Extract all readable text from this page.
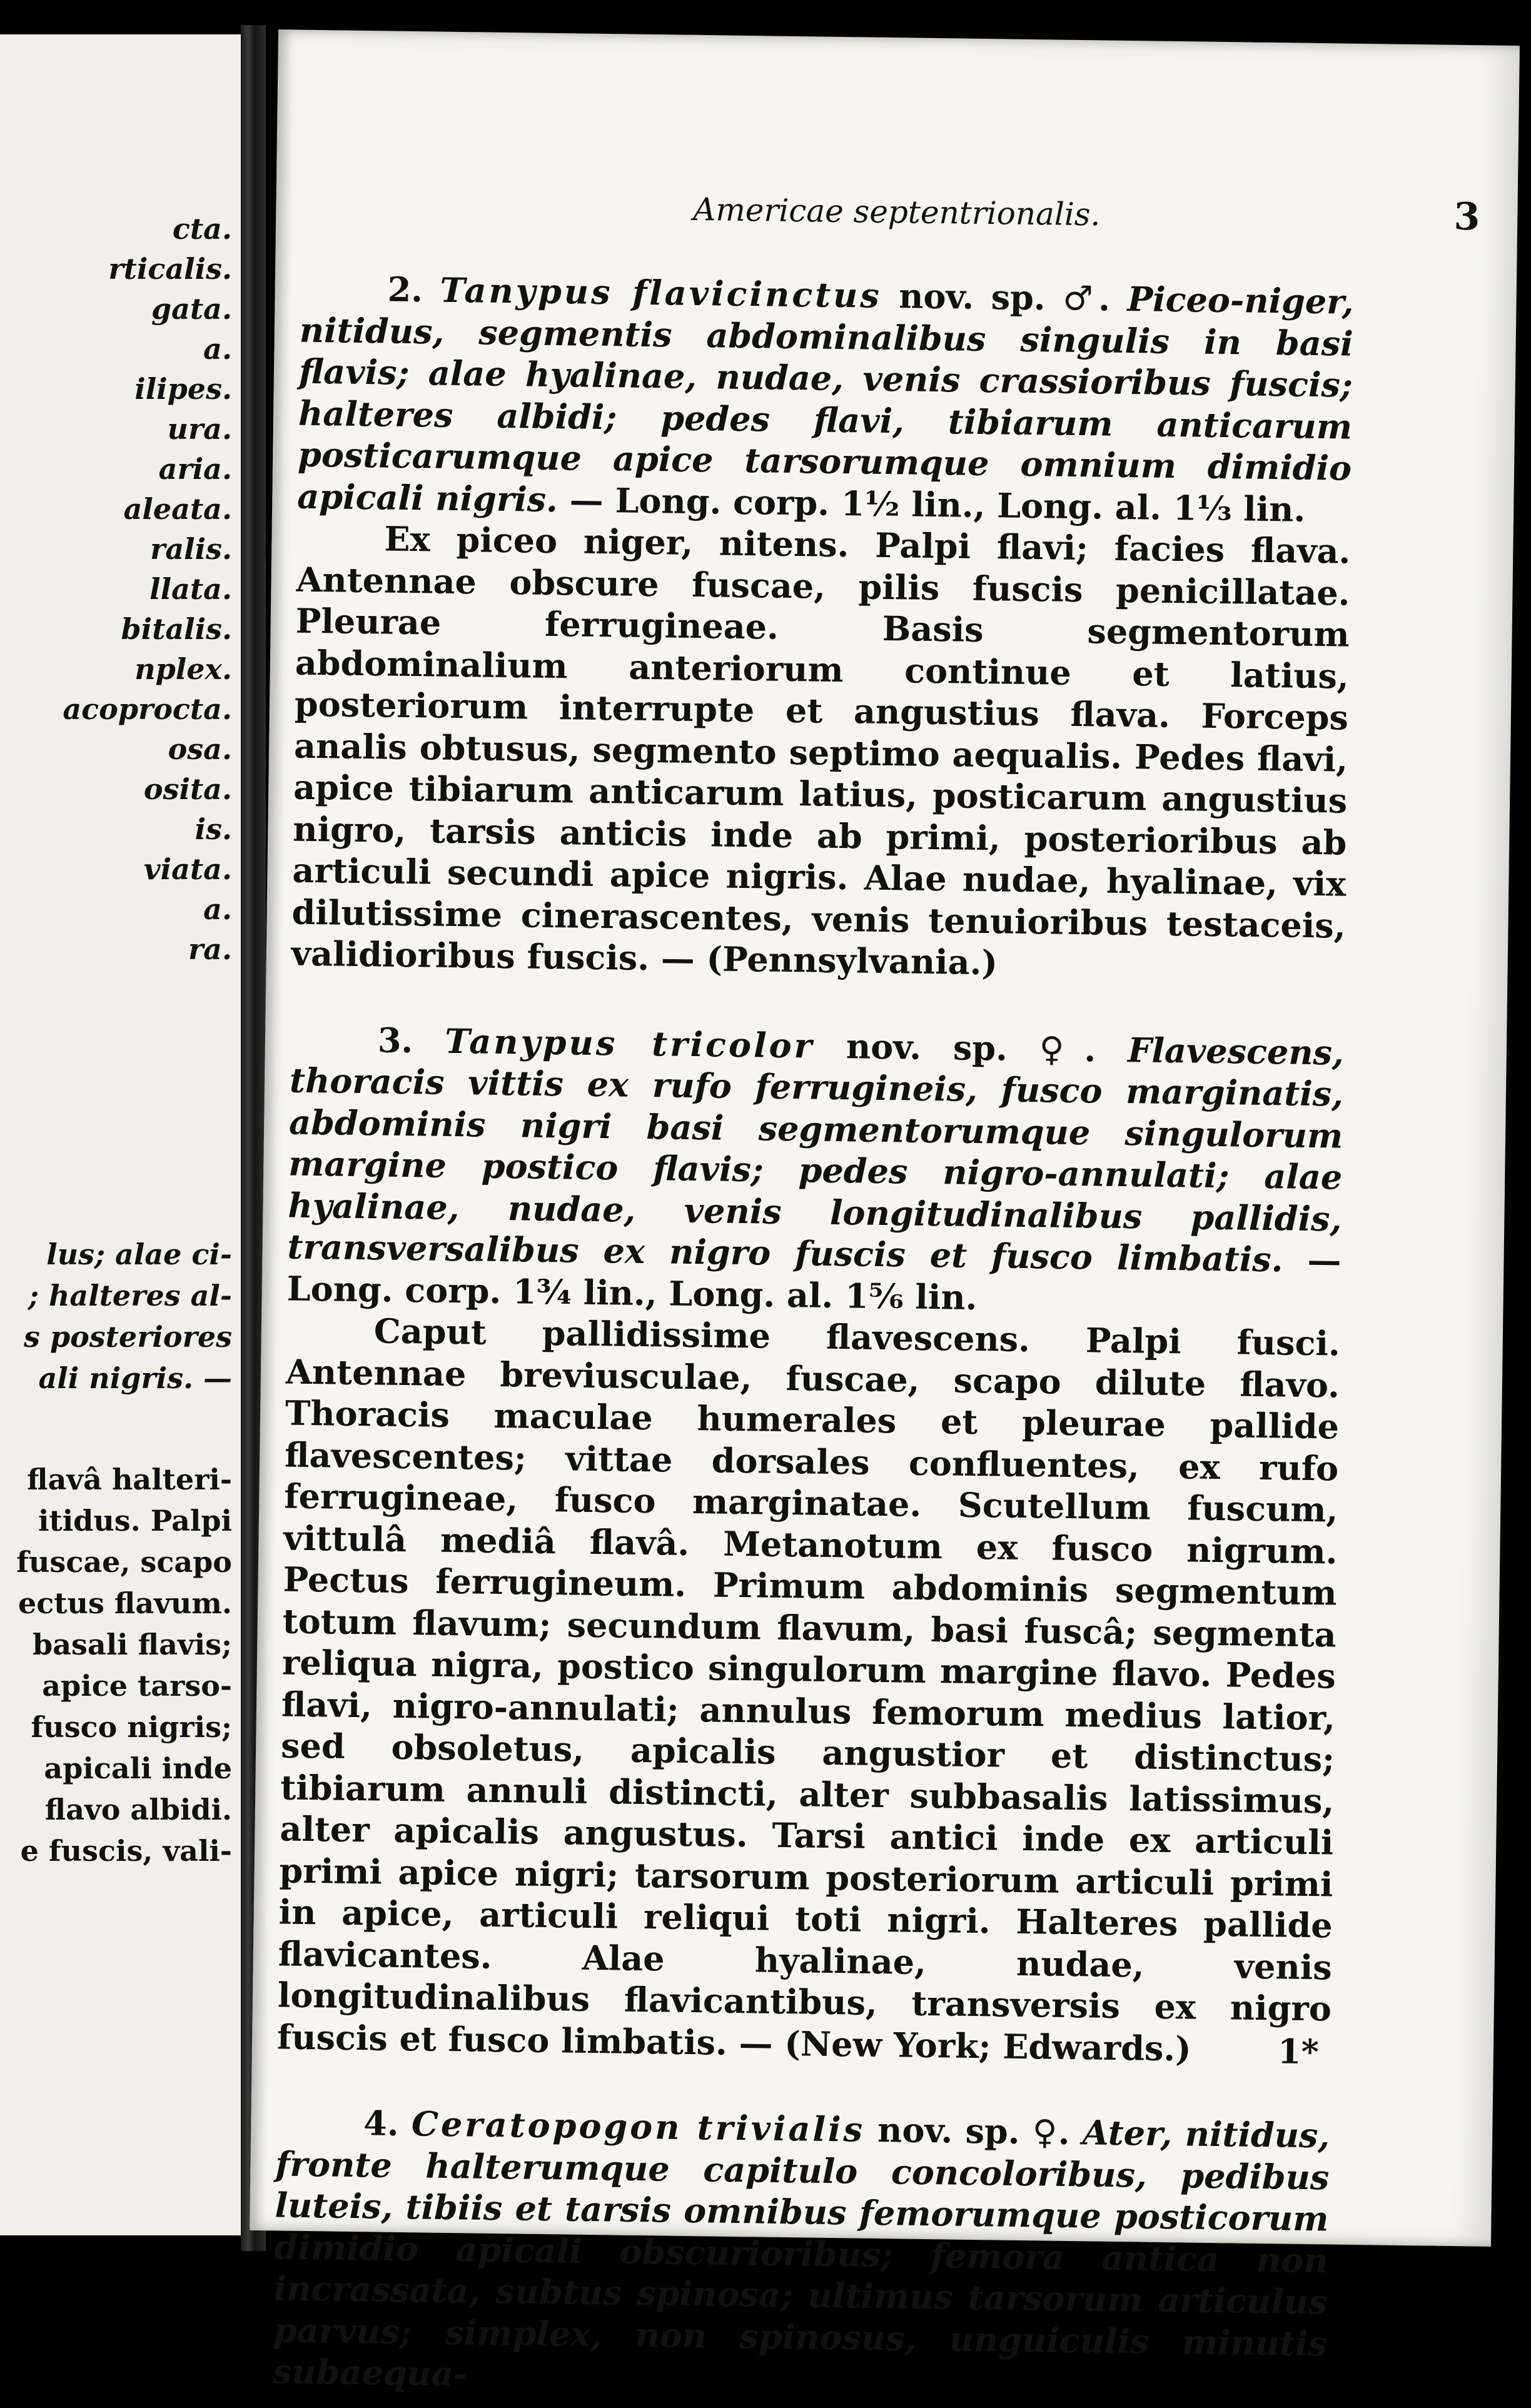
cta.
rticalis.
gata.
a.
ilipes.
ura.
aria.
aleata.
ralis.
llata.
bitalis.
nplex.
acoprocta.
osa.
osita.
is.
viata.
a.
ra.
lus; alae ci-
; halteres al-
s posteriores
ali nigris. —
flavâ halteri-
itidus. Palpi
fuscae, scapo
ectus flavum.
basali flavis;
apice tarso-
fusco nigris;
apicali inde
flavo albidi.
e fuscis, vali-
Americae septentrionalis.	3

2. Tanypus flavicinctus nov. sp. ♂. Piceo-niger, nitidus, segmentis abdominalibus singulis in basi flavis; alae hyalinae, nudae, venis crassioribus fuscis; halteres albidi; pedes flavi, tibiarum anticarum posticarumque apice tarsorumque omnium dimidio apicali nigris. — Long. corp. 1½ lin., Long. al. 1⅓ lin.

Ex piceo niger, nitens. Palpi flavi; facies flava. Antennae obscure fuscae, pilis fuscis penicillatae. Pleurae ferrugineae. Basis segmentorum abdominalium anteriorum continue et latius, posteriorum interrupte et angustius flava. Forceps analis obtusus, segmento septimo aequalis. Pedes flavi, apice tibiarum anticarum latius, posticarum angustius nigro, tarsis anticis inde ab primi, posterioribus ab articuli secundi apice nigris. Alae nudae, hyalinae, vix dilutissime cinerascentes, venis tenuioribus testaceis, validioribus fuscis. — (Pennsylvania.)

3. Tanypus tricolor nov. sp. ♀. Flavescens, thoracis vittis ex rufo ferrugineis, fusco marginatis, abdominis nigri basi segmentorumque singulorum margine postico flavis; pedes nigro-annulati; alae hyalinae, nudae, venis longitudinalibus pallidis, transversalibus ex nigro fuscis et fusco limbatis. — Long. corp. 1¾ lin., Long. al. 1⅚ lin.

Caput pallidissime flavescens. Palpi fusci. Antennae breviusculae, fuscae, scapo dilute flavo. Thoracis maculae humerales et pleurae pallide flavescentes; vittae dorsales confluentes, ex rufo ferrugineae, fusco marginatae. Scutellum fuscum, vittulâ mediâ flavâ. Metanotum ex fusco nigrum. Pectus ferrugineum. Primum abdominis segmentum totum flavum; secundum flavum, basi fuscâ; segmenta reliqua nigra, postico singulorum margine flavo. Pedes flavi, nigro-annulati; annulus femorum medius latior, sed obsoletus, apicalis angustior et distinctus; tibiarum annuli distincti, alter subbasalis latissimus, alter apicalis angustus. Tarsi antici inde ex articuli primi apice nigri; tarsorum posteriorum articuli primi in apice, articuli reliqui toti nigri. Halteres pallide flavicantes. Alae hyalinae, nudae, venis longitudinalibus flavicantibus, transversis ex nigro fuscis et fusco limbatis. — (New York; Edwards.)

4. Ceratopogon trivialis nov. sp. ♀. Ater, nitidus, fronte halterumque capitulo concoloribus, pedibus luteis, tibiis et tarsis omnibus femorumque posticorum dimidio apicali obscurioribus; femora antica non incrassata, subtus spinosa; ultimus tarsorum articulus parvus; simplex, non spinosus, unguiculis minutis subaequa-

1*
